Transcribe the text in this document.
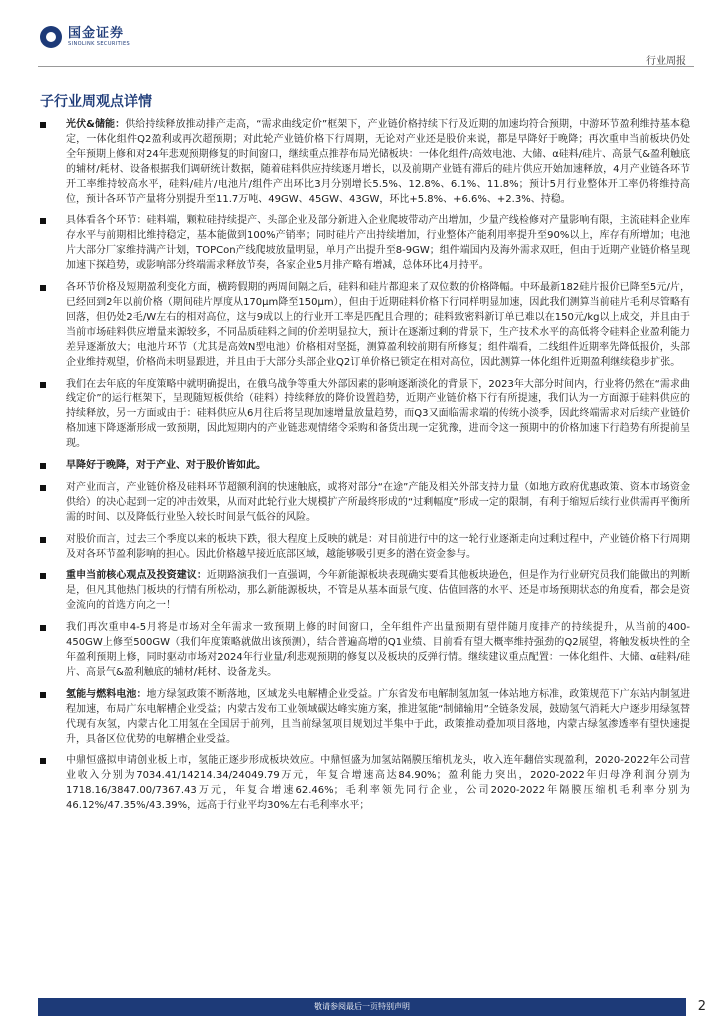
国金证券
SINOLINK SECURITIES
行业周报
子行业周观点详情
光伏&储能：供给持续释放推动排产走高，“需求曲线定价”框架下，产业链价格持续下行及近期的加速均符合预期，中游环节盈利维持基本稳定，一体化组件Q2盈利或再次超预期；对此轮产业链价格下行周期，无论对产业还是股价来说，都是早降好于晚降；再次重申当前板块仍处全年预期上修和对24年悲观预期修复的时间窗口，继续重点推荐布局光储板块：一体化组件/高效电池、大储、α硅料/硅片、高景气&盈利触底的辅材/耗材、设备根据我们调研统计数据，随着硅料供应持续逐月增长，以及前期产业链有滞后的硅片供应开始加速释放，4月产业链各环节开工率维持较高水平，硅料/硅片/电池片/组件产出环比3月分别增长5.5%、12.8%、6.1%、11.8%；预计5月行业整体开工率仍将维持高位，预计各环节产量将分别提升至11.7万吨、49GW、45GW、43GW，环比+5.8%、+6.6%、+2.3%、持稳。
具体看各个环节：硅料端，颗粒硅持续提产、头部企业及部分新进入企业爬坡带动产出增加，少量产线检修对产量影响有限，主流硅料企业库存水平与前期相比维持稳定，基本能做到100%产销率；同时硅片产出持续增加，行业整体产能利用率提升至90%以上，库存有所增加；电池片大部分厂家维持满产计划，TOPCon产线爬坡放量明显，单月产出提升至8-9GW；组件端国内及海外需求双旺，但由于近期产业链价格呈现加速下探趋势，或影响部分终端需求释放节奏，各家企业5月排产略有增减，总体环比4月持平。
各环节价格及短期盈利变化方面，横跨假期的两周间隔之后，硅料和硅片都迎来了双位数的价格降幅。中环最新182硅片报价已降至5元/片，已经回到2年以前价格（期间硅片厚度从170μm降至150μm），但由于近期硅料价格下行同样明显加速，因此我们测算当前硅片毛利尽管略有回落，但仍处2毛/W左右的相对高位，这与9成以上的行业开工率是匹配且合理的；硅料致密料新订单已难以在150元/kg以上成交，并且由于当前市场硅料供应增量来源较多，不同品质硅料之间的价差明显拉大，预计在逐渐过剩的背景下，生产技术水平的高低将令硅料企业盈利能力差异逐渐放大；电池片环节（尤其是高效N型电池）价格相对坚挺，测算盈利较前期有所修复；组件端看，二线组件近期率先降低报价，头部企业维持观望，价格尚未明显跟进，并且由于大部分头部企业Q2订单价格已锁定在相对高位，因此测算一体化组件近期盈利继续稳步扩张。
我们在去年底的年度策略中就明确提出，在俄乌战争等重大外部因素的影响逐渐淡化的背景下，2023年大部分时间内，行业将仍然在“需求曲线定价”的运行框架下，呈现随短板供给（硅料）持续释放的降价设置趋势，近期产业链价格下行有所提速，我们认为一方面源于硅料供应的持续释放，另一方面或由于：硅料供应从6月往后将呈现加速增量放量趋势，而Q3又面临需求端的传统小淡季，因此终端需求对后续产业链价格加速下降逐渐形成一致预期，因此短期内的产业链悲观情绪令采购和备货出现一定犹豫，进而令这一预期中的价格加速下行趋势有所提前呈现。
早降好于晚降，对于产业、对于股价皆如此。
对产业而言，产业链价格及硅料环节超额利润的快速触底，或将对部分“在途”产能及相关外部支持力量（如地方政府优惠政策、资本市场资金供给）的决心起到一定的冲击效果，从而对此轮行业大规模扩产所最终形成的“过剩幅度”形成一定的限制，有利于缩短后续行业供需再平衡所需的时间、以及降低行业坠入较长时间景气低谷的风险。
对股价而言，过去三个季度以来的板块下跌，很大程度上反映的就是：对目前进行中的这一轮行业逐渐走向过剩过程中，产业链价格下行周期及对各环节盈利影响的担心。因此价格越早接近底部区域，越能够吸引更多的潜在资金参与。
重申当前核心观点及投资建议：近期路演我们一直强调，今年新能源板块表现确实要看其他板块逊色，但是作为行业研究员我们能做出的判断是，但凡其他热门板块的行情有所松动，那么新能源板块，不管是从基本面景气度、估值回落的水平、还是市场预期状态的角度看，都会是资金流向的首选方向之一！
我们再次重申4-5月将是市场对全年需求一致预期上修的时间窗口，全年组件产出量预期有望伴随月度排产的持续提升，从当前的400-450GW上修至500GW（我们年度策略就做出该预测），结合普遍高增的Q1业绩、目前看有望大概率维持强劲的Q2展望，将触发板块性的全年盈利预期上修，同时驱动市场对2024年行业量/利悲观预期的修复以及板块的反弹行情。继续建议重点配置：一体化组件、大储、α硅料/硅片、高景气&盈利触底的辅材/耗材、设备龙头。
氢能与燃料电池：地方绿氢政策不断落地，区域龙头电解槽企业受益。广东省发布电解制氢加氢一体站地方标准，政策规范下广东站内制氢进程加速，布局广东电解槽企业受益；内蒙古发布工业领域碳达峰实施方案，推进氢能“制储输用”全链条发展，鼓励氢气消耗大户逐步用绿氢替代现有灰氢，内蒙古化工用氢在全国居于前列，且当前绿氢项目规划过半集中于此，政策推动叠加项目落地，内蒙古绿氢渗透率有望快速提升，具备区位优势的电解槽企业受益。
中鼎恒盛拟申请创业板上市，氢能正逐步形成板块效应。中鼎恒盛为加氢站隔膜压缩机龙头，收入连年翻倍实现盈利，2020-2022年公司营业收入分别为7034.41/14214.34/24049.79万元，年复合增速高达84.90%；盈利能力突出，2020-2022年归母净利润分别为1718.16/3847.00/7367.43万元，年复合增速62.46%；毛利率领先同行企业，公司2020-2022年隔膜压缩机毛利率分别为46.12%/47.35%/43.39%，远高于行业平均30%左右毛利率水平；
敬请参阅最后一页特别声明	2
